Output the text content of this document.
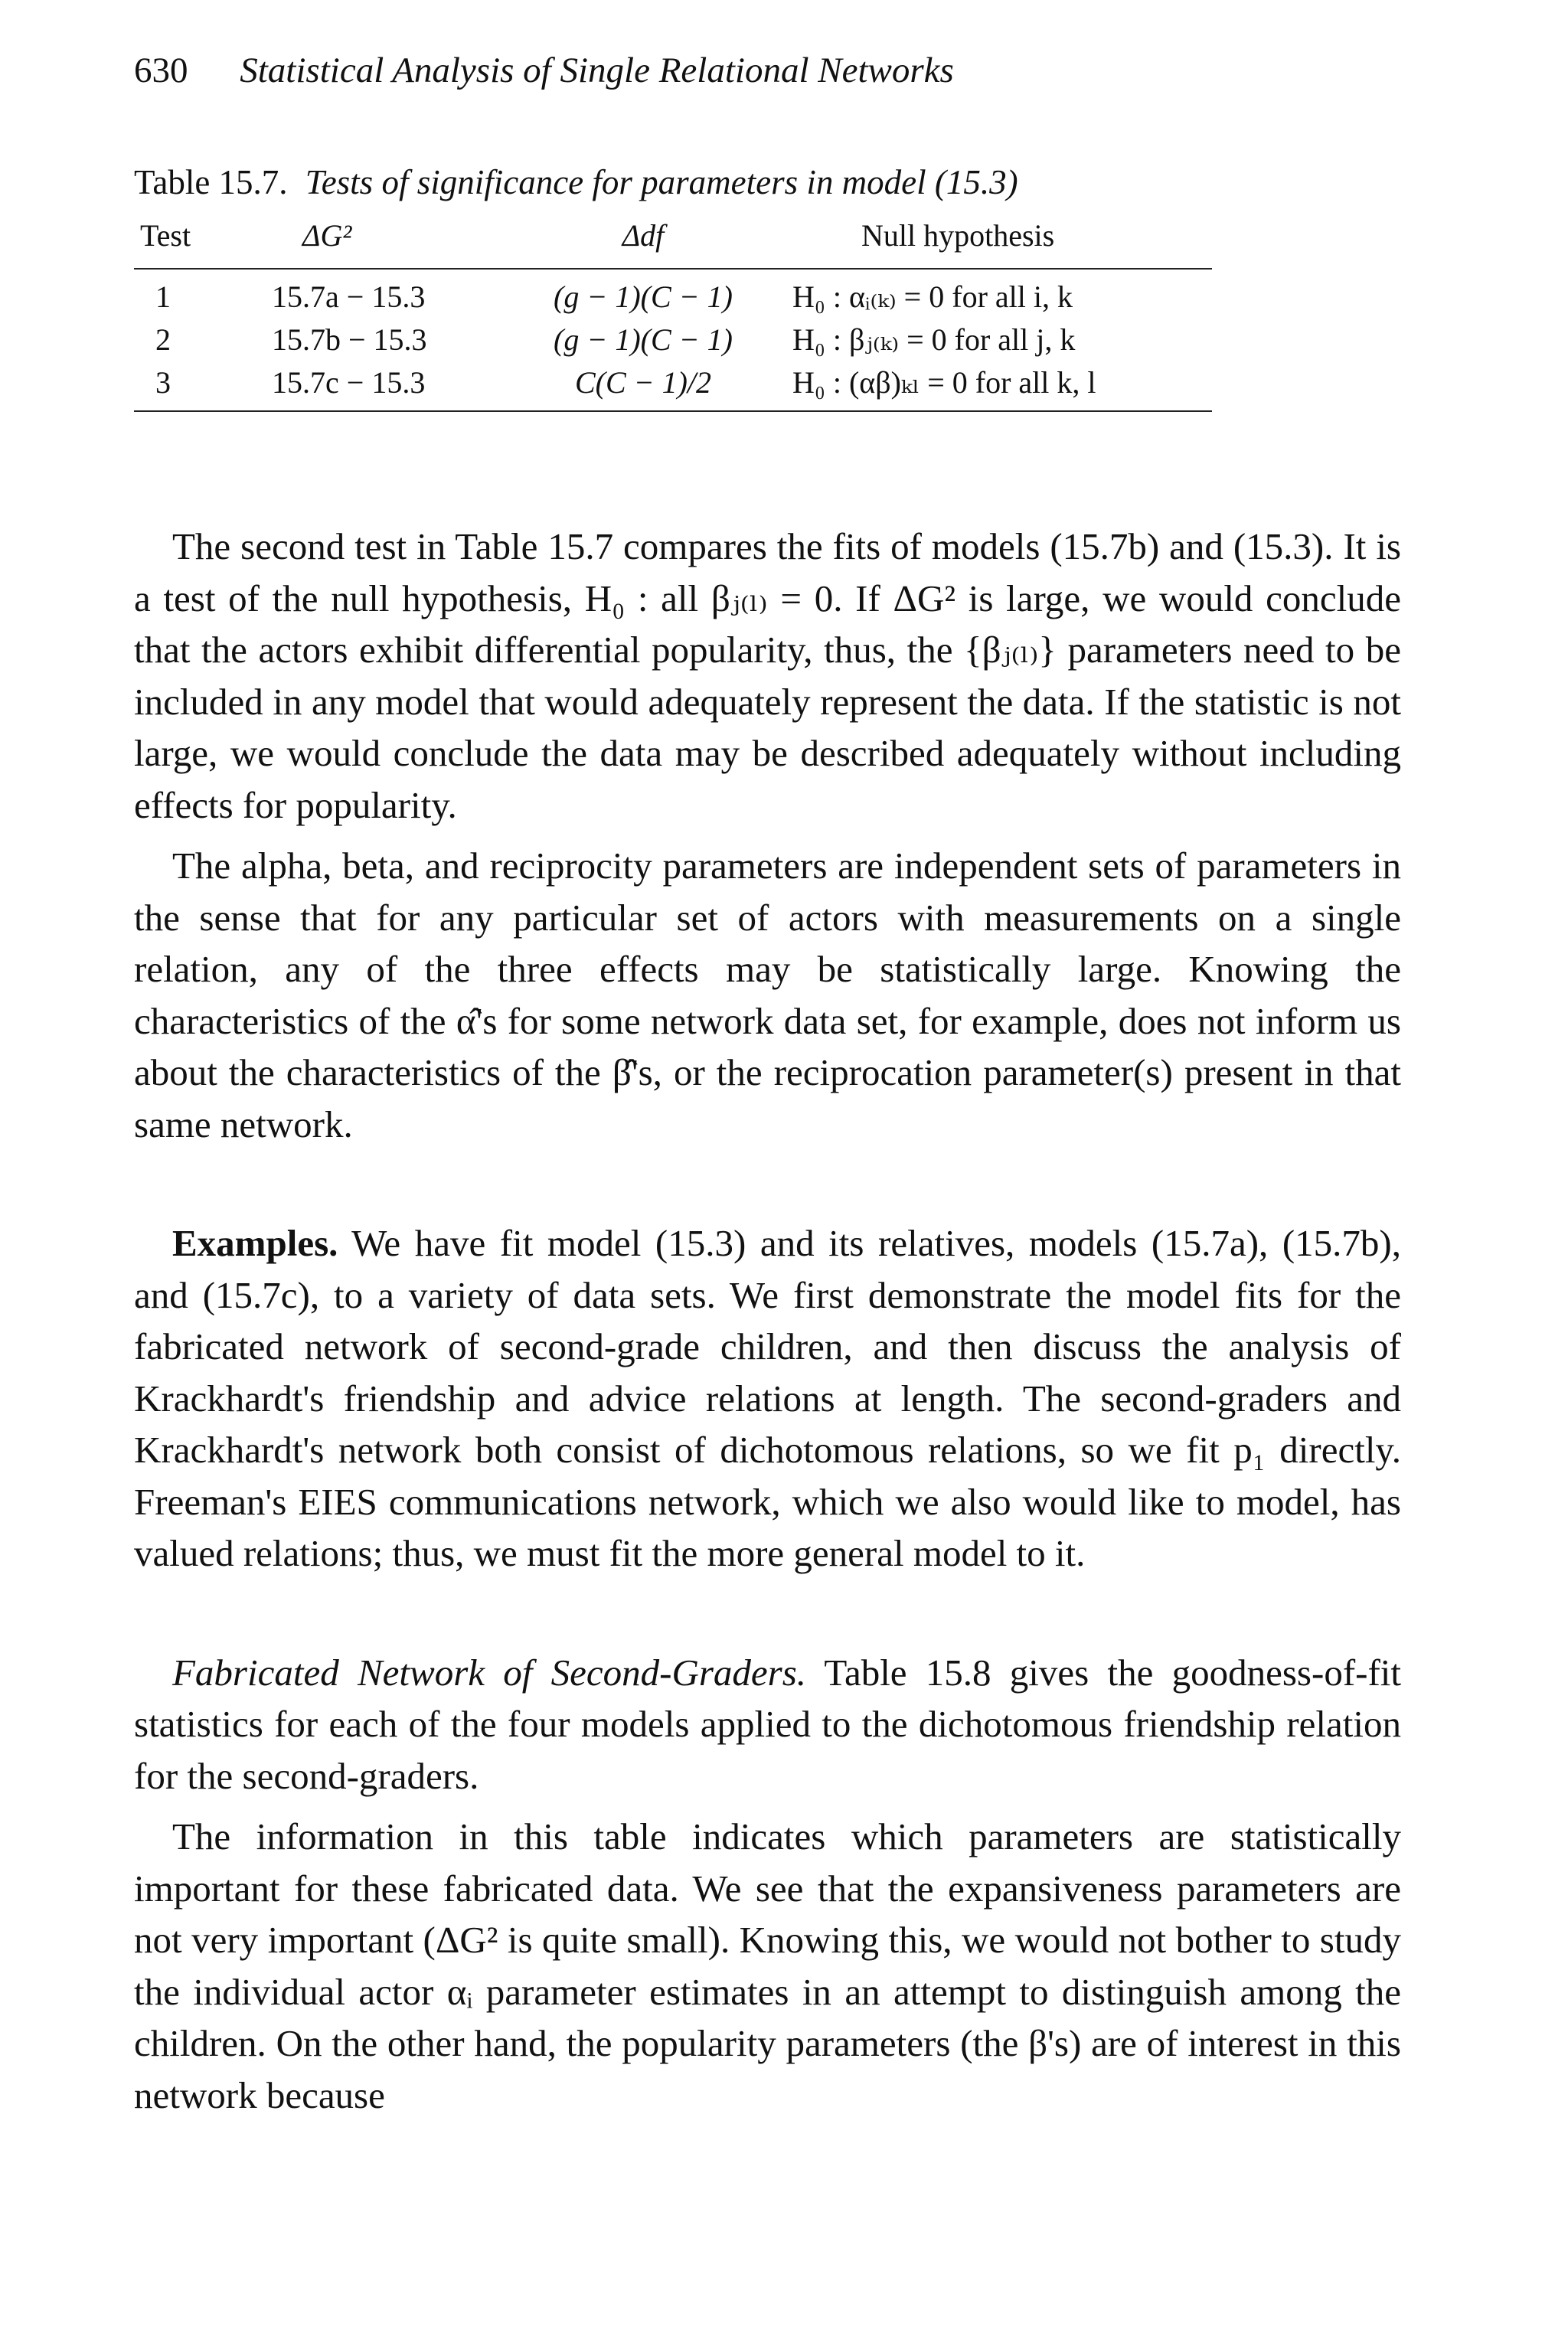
630 Statistical Analysis of Single Relational Networks
Table 15.7. Tests of significance for parameters in model (15.3)
Test	ΔG²	Δdf	Null hypothesis
1	15.7a − 15.3	(g − 1)(C − 1)	H₀ : αᵢ₍ₖ₎ = 0 for all i, k
2	15.7b − 15.3	(g − 1)(C − 1)	H₀ : βⱼ₍ₖ₎ = 0 for all j, k
3	15.7c − 15.3	C(C − 1)/2	H₀ : (αβ)ₖₗ = 0 for all k, l

The second test in Table 15.7 compares the fits of models (15.7b) and (15.3). It is a test of the null hypothesis, H₀ : all βⱼ₍ₗ₎ = 0. If ΔG² is large, we would conclude that the actors exhibit differential popularity, thus, the {βⱼ₍ₗ₎} parameters need to be included in any model that would adequately represent the data. If the statistic is not large, we would conclude the data may be described adequately without including effects for popularity.

The alpha, beta, and reciprocity parameters are independent sets of parameters in the sense that for any particular set of actors with measurements on a single relation, any of the three effects may be statistically large. Knowing the characteristics of the α̂'s for some network data set, for example, does not inform us about the characteristics of the β̂'s, or the reciprocation parameter(s) present in that same network.

Examples. We have fit model (15.3) and its relatives, models (15.7a), (15.7b), and (15.7c), to a variety of data sets. We first demonstrate the model fits for the fabricated network of second-grade children, and then discuss the analysis of Krackhardt's friendship and advice relations at length. The second-graders and Krackhardt's network both consist of dichotomous relations, so we fit p₁ directly. Freeman's EIES communications network, which we also would like to model, has valued relations; thus, we must fit the more general model to it.

Fabricated Network of Second-Graders. Table 15.8 gives the goodness-of-fit statistics for each of the four models applied to the dichotomous friendship relation for the second-graders.

The information in this table indicates which parameters are statistically important for these fabricated data. We see that the expansiveness parameters are not very important (ΔG² is quite small). Knowing this, we would not bother to study the individual actor αᵢ parameter estimates in an attempt to distinguish among the children. On the other hand, the popularity parameters (the β's) are of interest in this network because
